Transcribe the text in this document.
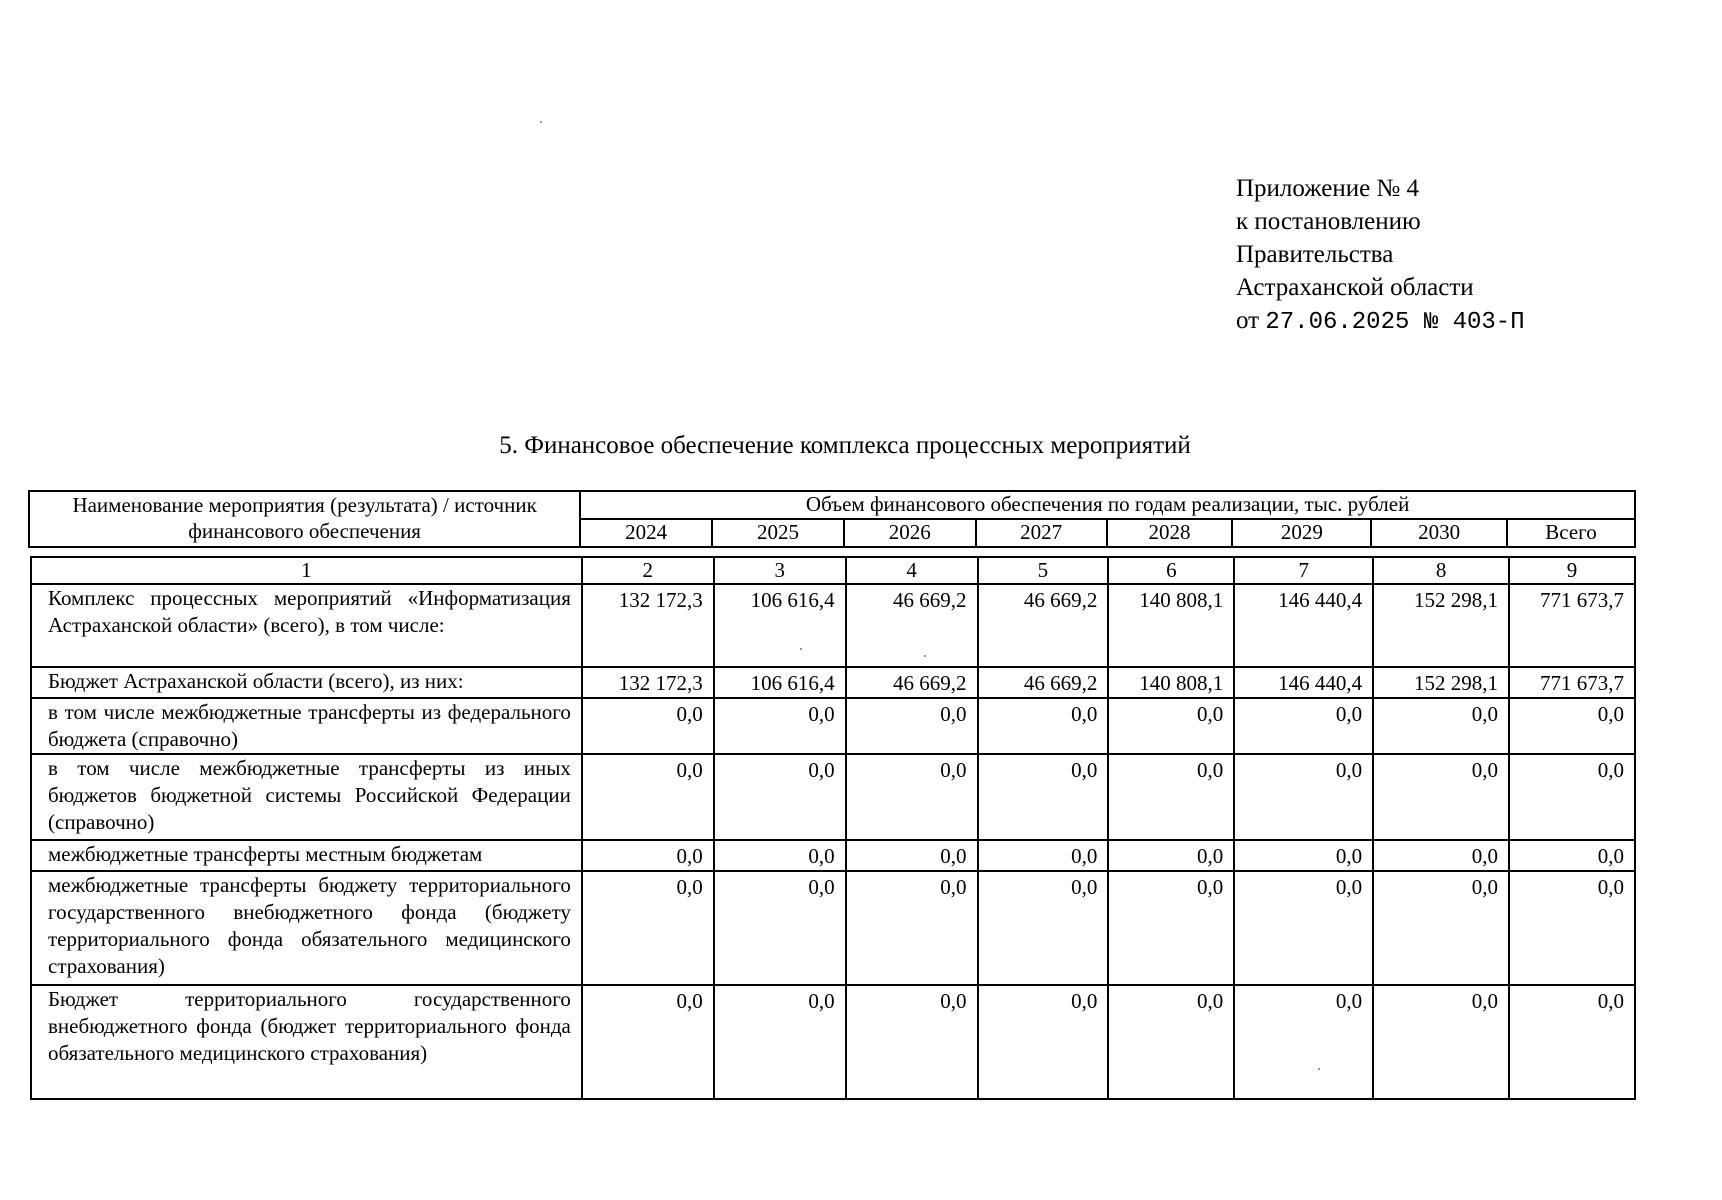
Приложение № 4
к постановлению
Правительства
Астраханской области
от 27.06.2025 № 403-П
5. Финансовое обеспечение комплекса процессных мероприятий
Наименование мероприятия (результата) / источник финансового обеспечения	Объем финансового обеспечения по годам реализации, тыс. рублей							
	2024	2025	2026	2027	2028	2029	2030	Всего
1	2	3	4	5	6	7	8	9
Комплекс процессных мероприятий «Информатизация Астраханской области» (всего), в том числе:	132 172,3	106 616,4	46 669,2	46 669,2	140 808,1	146 440,4	152 298,1	771 673,7
Бюджет Астраханской области (всего), из них:	132 172,3	106 616,4	46 669,2	46 669,2	140 808,1	146 440,4	152 298,1	771 673,7
в том числе межбюджетные трансферты из федерального бюджета (справочно)	0,0	0,0	0,0	0,0	0,0	0,0	0,0	0,0
в том числе межбюджетные трансферты из иных бюджетов бюджетной системы Российской Федерации (справочно)	0,0	0,0	0,0	0,0	0,0	0,0	0,0	0,0
межбюджетные трансферты местным бюджетам	0,0	0,0	0,0	0,0	0,0	0,0	0,0	0,0
межбюджетные трансферты бюджету территориального государственного внебюджетного фонда (бюджету территориального фонда обязательного медицинского страхования)	0,0	0,0	0,0	0,0	0,0	0,0	0,0	0,0
Бюджет территориального государственного внебюджетного фонда (бюджет территориального фонда обязательного медицинского страхования)	0,0	0,0	0,0	0,0	0,0	0,0	0,0	0,0
